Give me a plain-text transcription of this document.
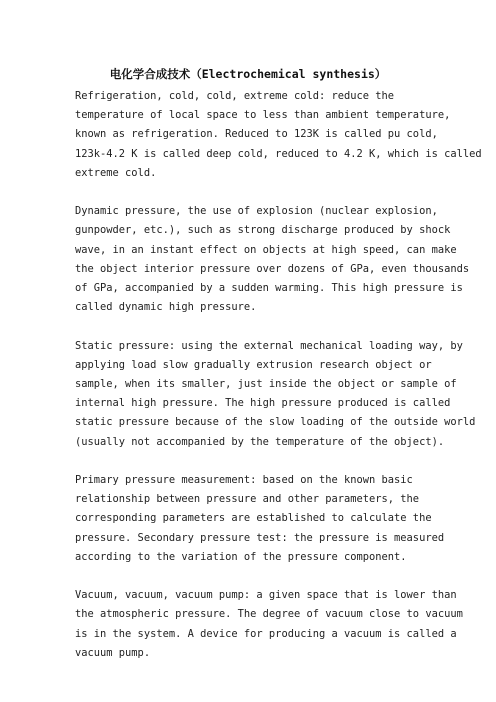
电化学合成技术（Electrochemical synthesis）
Refrigeration, cold, cold, extreme cold: reduce the
temperature of local space to less than ambient temperature,
known as refrigeration. Reduced to 123K is called pu cold,
123k-4.2 K is called deep cold, reduced to 4.2 K, which is called
extreme cold.
Dynamic pressure, the use of explosion (nuclear explosion,
gunpowder, etc.), such as strong discharge produced by shock
wave, in an instant effect on objects at high speed, can make
the object interior pressure over dozens of GPa, even thousands
of GPa, accompanied by a sudden warming. This high pressure is
called dynamic high pressure.
Static pressure: using the external mechanical loading way, by
applying load slow gradually extrusion research object or
sample, when its smaller, just inside the object or sample of
internal high pressure. The high pressure produced is called
static pressure because of the slow loading of the outside world
(usually not accompanied by the temperature of the object).
Primary pressure measurement: based on the known basic
relationship between pressure and other parameters, the
corresponding parameters are established to calculate the
pressure. Secondary pressure test: the pressure is measured
according to the variation of the pressure component.
Vacuum, vacuum, vacuum pump: a given space that is lower than
the atmospheric pressure. The degree of vacuum close to vacuum
is in the system. A device for producing a vacuum is called a
vacuum pump.
